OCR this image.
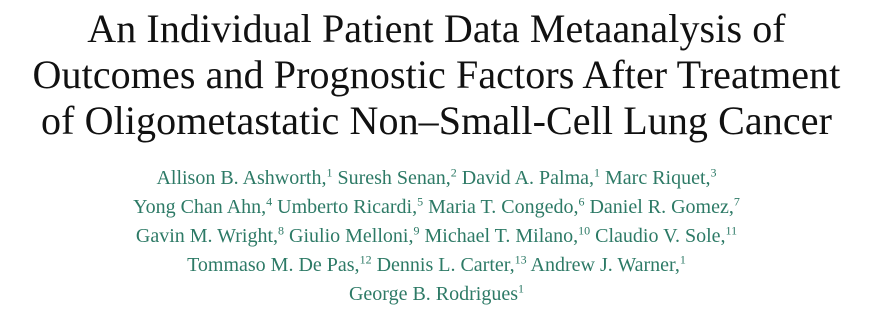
An Individual Patient Data Metaanalysis of
Outcomes and Prognostic Factors After Treatment
of Oligometastatic Non–Small-Cell Lung Cancer
Allison B. Ashworth,$^1$ Suresh Senan,$^2$ David A. Palma,$^1$ Marc Riquet,$^3$
Yong Chan Ahn,$^4$ Umberto Ricardi,$^5$ Maria T. Congedo,$^6$ Daniel R. Gomez,$^7$
Gavin M. Wright,$^8$ Giulio Melloni,$^9$ Michael T. Milano,$^{10}$ Claudio V. Sole,$^{11}$
Tommaso M. De Pas,$^{12}$ Dennis L. Carter,$^{13}$ Andrew J. Warner,$^1$
George B. Rodrigues$^1$
